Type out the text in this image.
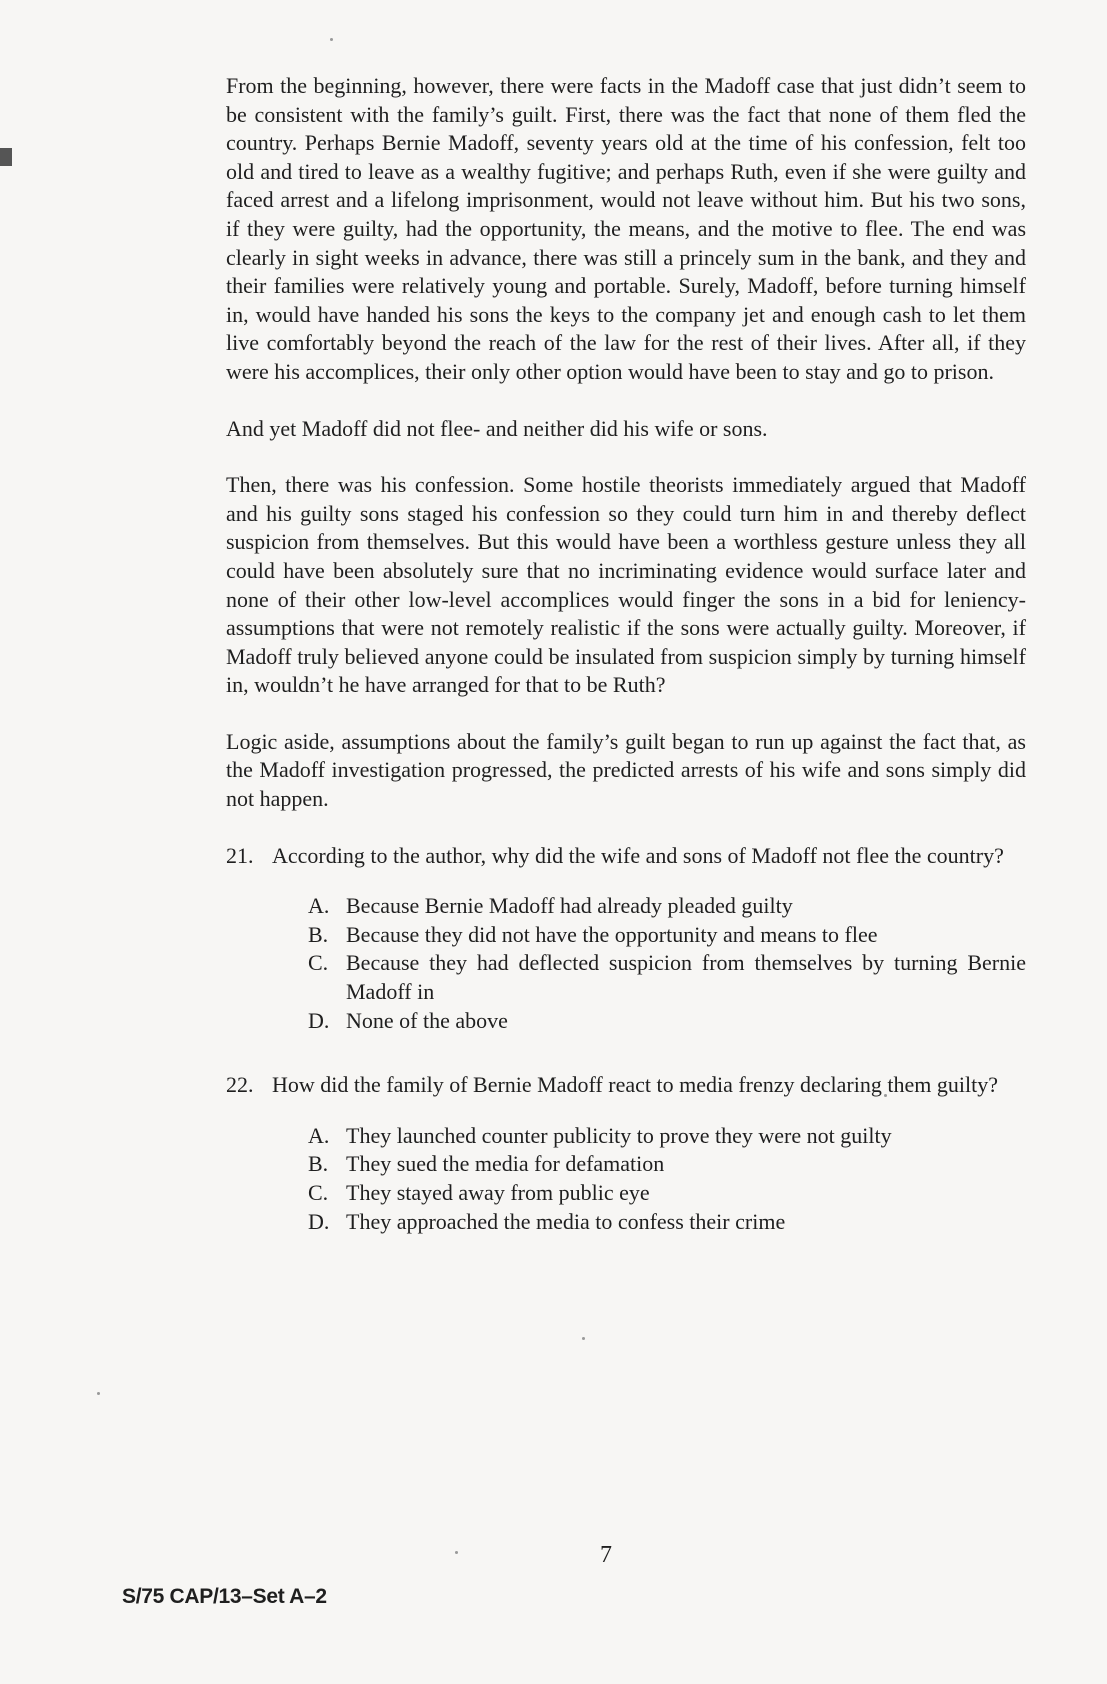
From the beginning, however, there were facts in the Madoff case that just didn’t seem to be consistent with the family’s guilt. First, there was the fact that none of them fled the country. Perhaps Bernie Madoff, seventy years old at the time of his confession, felt too old and tired to leave as a wealthy fugitive; and perhaps Ruth, even if she were guilty and faced arrest and a lifelong imprisonment, would not leave without him. But his two sons, if they were guilty, had the opportunity, the means, and the motive to flee. The end was clearly in sight weeks in advance, there was still a princely sum in the bank, and they and their families were relatively young and portable. Surely, Madoff, before turning himself in, would have handed his sons the keys to the company jet and enough cash to let them live comfortably beyond the reach of the law for the rest of their lives. After all, if they were his accomplices, their only other option would have been to stay and go to prison.

And yet Madoff did not flee- and neither did his wife or sons.

Then, there was his confession. Some hostile theorists immediately argued that Madoff and his guilty sons staged his confession so they could turn him in and thereby deflect suspicion from themselves. But this would have been a worthless gesture unless they all could have been absolutely sure that no incriminating evidence would surface later and none of their other low-level accomplices would finger the sons in a bid for leniency-assumptions that were not remotely realistic if the sons were actually guilty. Moreover, if Madoff truly believed anyone could be insulated from suspicion simply by turning himself in, wouldn’t he have arranged for that to be Ruth?

Logic aside, assumptions about the family’s guilt began to run up against the fact that, as the Madoff investigation progressed, the predicted arrests of his wife and sons simply did not happen.

21. According to the author, why did the wife and sons of Madoff not flee the country?
A. Because Bernie Madoff had already pleaded guilty
B. Because they did not have the opportunity and means to flee
C. Because they had deflected suspicion from themselves by turning Bernie Madoff in
D. None of the above
22. How did the family of Bernie Madoff react to media frenzy declaring them guilty?
A. They launched counter publicity to prove they were not guilty
B. They sued the media for defamation
C. They stayed away from public eye
D. They approached the media to confess their crime
7
S/75 CAP/13–Set A–2
